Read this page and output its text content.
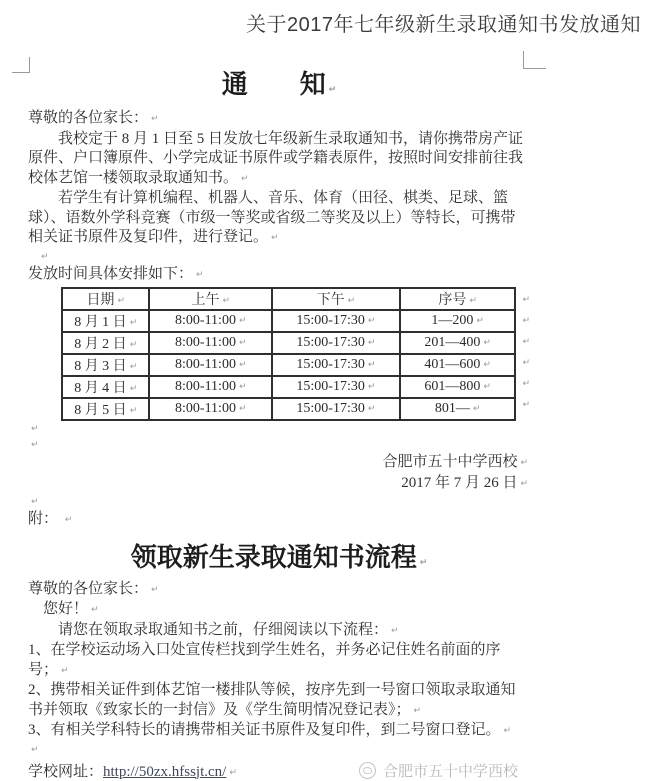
关于2017年七年级新生录取通知书发放通知
通　　知 ↵

尊敬的各位家长： ↵

我校定于 8 月 1 日至 5 日发放七年级新生录取通知书，请你携带房产证原件、户口簿原件、小学完成证书原件或学籍表原件，按照时间安排前往我校体艺馆一楼领取录取通知书。 ↵

若学生有计算机编程、机器人、音乐、体育（田径、棋类、足球、篮球）、语数外学科竞赛（市级一等奖或省级二等奖及以上）等特长，可携带相关证书原件及复印件，进行登记。 ↵

↵

发放时间具体安排如下： ↵

日期 ↵	上午 ↵	下午 ↵	序号 ↵
8 月 1 日 ↵	8:00-11:00 ↵	15:00-17:30 ↵	1—200 ↵
8 月 2 日 ↵	8:00-11:00 ↵	15:00-17:30 ↵	201—400 ↵
8 月 3 日 ↵	8:00-11:00 ↵	15:00-17:30 ↵	401—600 ↵
8 月 4 日 ↵	8:00-11:00 ↵	15:00-17:30 ↵	601—800 ↵
8 月 5 日 ↵	8:00-11:00 ↵	15:00-17:30 ↵	801— ↵
↵
↵
↵
↵
↵
↵
↵
↵

合肥市五十中学西校 ↵

2017 年 7 月 26 日 ↵

↵

附： ↵

领取新生录取通知书流程 ↵

尊敬的各位家长： ↵

您好！ ↵

请您在领取录取通知书之前，仔细阅读以下流程： ↵

1、在学校运动场入口处宣传栏找到学生姓名，并务必记住姓名前面的序号； ↵

2、携带相关证件到体艺馆一楼排队等候，按序先到一号窗口领取录取通知书并领取《致家长的一封信》及《学生简明情况登记表》； ↵

3、有相关学科特长的请携带相关证书原件及复印件，到二号窗口登记。 ↵

↵
学校网址：http://50zx.hfssjt.cn/ ↵	合肥市五十中学西校
